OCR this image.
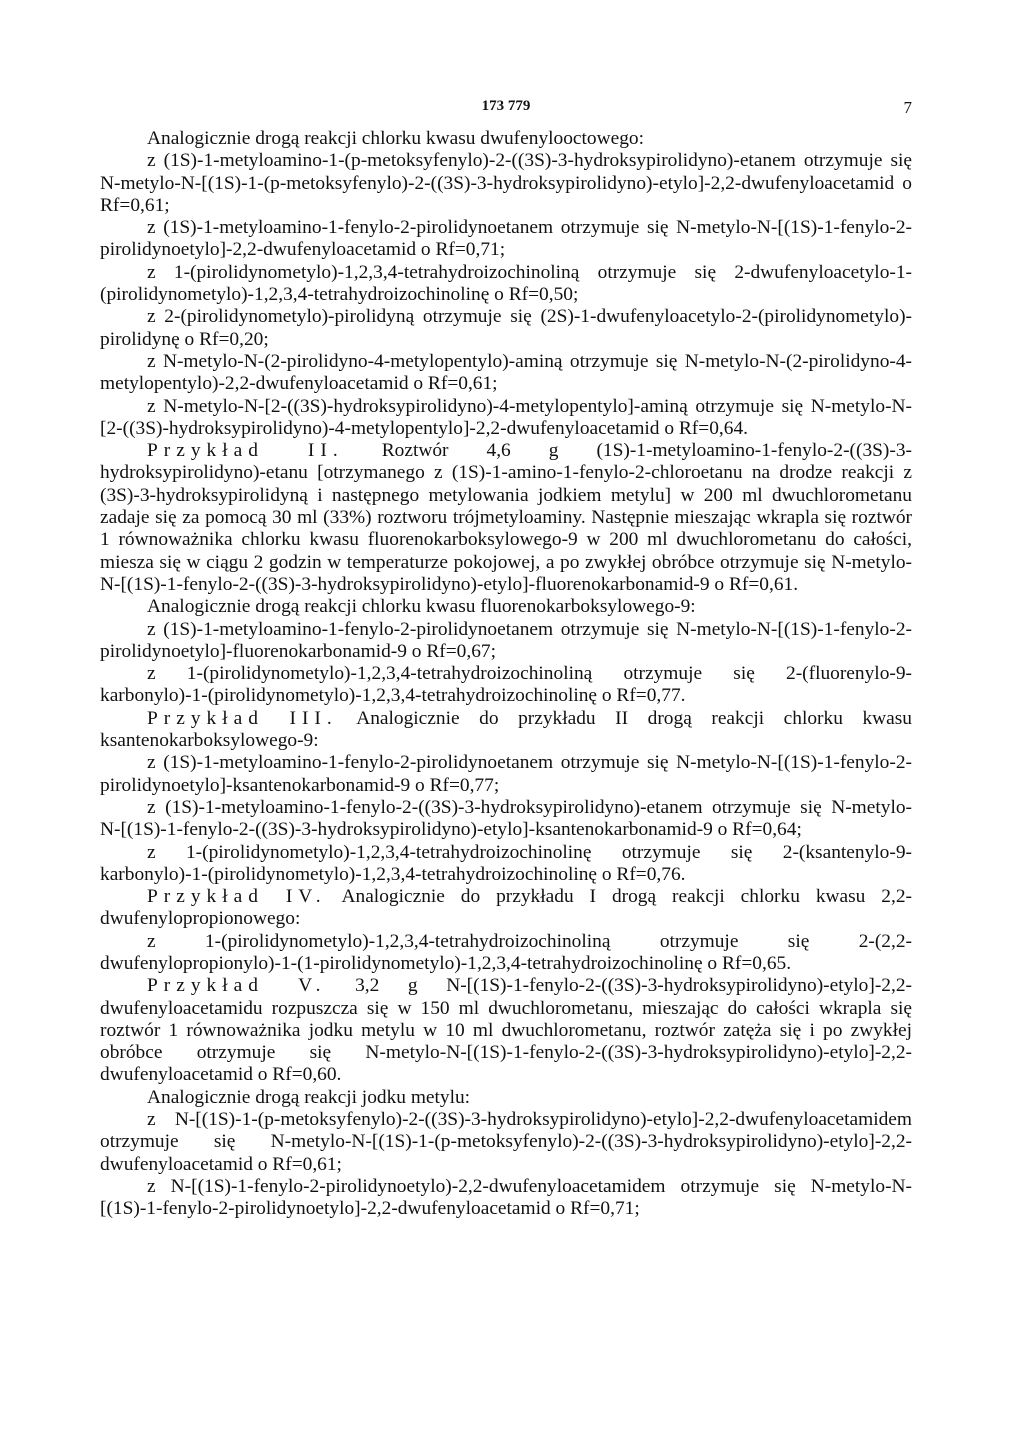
173 779	7

Analogicznie drogą reakcji chlorku kwasu dwufenylooctowego:

z (1S)-1-metyloamino-1-(p-metoksyfenylo)-2-((3S)-3-hydroksypirolidyno)-etanem otrzymuje się N-metylo-N-[(1S)-1-(p-metoksyfenylo)-2-((3S)-3-hydroksypirolidyno)-etylo]-2,2-dwufenyloacetamid o Rf=0,61;

z (1S)-1-metyloamino-1-fenylo-2-pirolidynoetanem otrzymuje się N-metylo-N-[(1S)-1-fenylo-2-pirolidynoetylo]-2,2-dwufenyloacetamid o Rf=0,71;

z 1-(pirolidynometylo)-1,2,3,4-tetrahydroizochinoliną otrzymuje się 2-dwufenyloacetylo-1-(pirolidynometylo)-1,2,3,4-tetrahydroizochinolinę o Rf=0,50;

z 2-(pirolidynometylo)-pirolidyną otrzymuje się (2S)-1-dwufenyloacetylo-2-(pirolidynometylo)-pirolidynę o Rf=0,20;

z N-metylo-N-(2-pirolidyno-4-metylopentylo)-aminą otrzymuje się N-metylo-N-(2-pirolidyno-4-metylopentylo)-2,2-dwufenyloacetamid o Rf=0,61;

z N-metylo-N-[2-((3S)-hydroksypirolidyno)-4-metylopentylo]-aminą otrzymuje się N-metylo-N-[2-((3S)-hydroksypirolidyno)-4-metylopentylo]-2,2-dwufenyloacetamid o Rf=0,64.

Przykład II. Roztwór 4,6 g (1S)-1-metyloamino-1-fenylo-2-((3S)-3-hydroksypirolidyno)-etanu [otrzymanego z (1S)-1-amino-1-fenylo-2-chloroetanu na drodze reakcji z (3S)-3-hydroksypirolidyną i następnego metylowania jodkiem metylu] w 200 ml dwuchlorometanu zadaje się za pomocą 30 ml (33%) roztworu trójmetyloaminy. Następnie mieszając wkrapla się roztwór 1 równoważnika chlorku kwasu fluorenokarboksylowego-9 w 200 ml dwuchlorometanu do całości, miesza się w ciągu 2 godzin w temperaturze pokojowej, a po zwykłej obróbce otrzymuje się N-metylo-N-[(1S)-1-fenylo-2-((3S)-3-hydroksypirolidyno)-etylo]-fluorenokarbonamid-9 o Rf=0,61.

Analogicznie drogą reakcji chlorku kwasu fluorenokarboksylowego-9:

z (1S)-1-metyloamino-1-fenylo-2-pirolidynoetanem otrzymuje się N-metylo-N-[(1S)-1-fenylo-2-pirolidynoetylo]-fluorenokarbonamid-9 o Rf=0,67;

z 1-(pirolidynometylo)-1,2,3,4-tetrahydroizochinoliną otrzymuje się 2-(fluorenylo-9-karbonylo)-1-(pirolidynometylo)-1,2,3,4-tetrahydroizochinolinę o Rf=0,77.

Przykład III. Analogicznie do przykładu II drogą reakcji chlorku kwasu ksantenokarboksylowego-9:

z (1S)-1-metyloamino-1-fenylo-2-pirolidynoetanem otrzymuje się N-metylo-N-[(1S)-1-fenylo-2-pirolidynoetylo]-ksantenokarbonamid-9 o Rf=0,77;

z (1S)-1-metyloamino-1-fenylo-2-((3S)-3-hydroksypirolidyno)-etanem otrzymuje się N-metylo-N-[(1S)-1-fenylo-2-((3S)-3-hydroksypirolidyno)-etylo]-ksantenokarbonamid-9 o Rf=0,64;

z 1-(pirolidynometylo)-1,2,3,4-tetrahydroizochinolinę otrzymuje się 2-(ksantenylo-9-karbonylo)-1-(pirolidynometylo)-1,2,3,4-tetrahydroizochinolinę o Rf=0,76.

Przykład IV. Analogicznie do przykładu I drogą reakcji chlorku kwasu 2,2-dwufenylopropionowego:

z 1-(pirolidynometylo)-1,2,3,4-tetrahydroizochinoliną otrzymuje się 2-(2,2-dwufenylopropionylo)-1-(1-pirolidynometylo)-1,2,3,4-tetrahydroizochinolinę o Rf=0,65.

Przykład V. 3,2 g N-[(1S)-1-fenylo-2-((3S)-3-hydroksypirolidyno)-etylo]-2,2-dwufenyloacetamidu rozpuszcza się w 150 ml dwuchlorometanu, mieszając do całości wkrapla się roztwór 1 równoważnika jodku metylu w 10 ml dwuchlorometanu, roztwór zatęża się i po zwykłej obróbce otrzymuje się N-metylo-N-[(1S)-1-fenylo-2-((3S)-3-hydroksypirolidyno)-etylo]-2,2-dwufenyloacetamid o Rf=0,60.

Analogicznie drogą reakcji jodku metylu:

z N-[(1S)-1-(p-metoksyfenylo)-2-((3S)-3-hydroksypirolidyno)-etylo]-2,2-dwufenyloacetamidem otrzymuje się N-metylo-N-[(1S)-1-(p-metoksyfenylo)-2-((3S)-3-hydroksypirolidyno)-etylo]-2,2-dwufenyloacetamid o Rf=0,61;

z N-[(1S)-1-fenylo-2-pirolidynoetylo)-2,2-dwufenyloacetamidem otrzymuje się N-metylo-N-[(1S)-1-fenylo-2-pirolidynoetylo]-2,2-dwufenyloacetamid o Rf=0,71;
